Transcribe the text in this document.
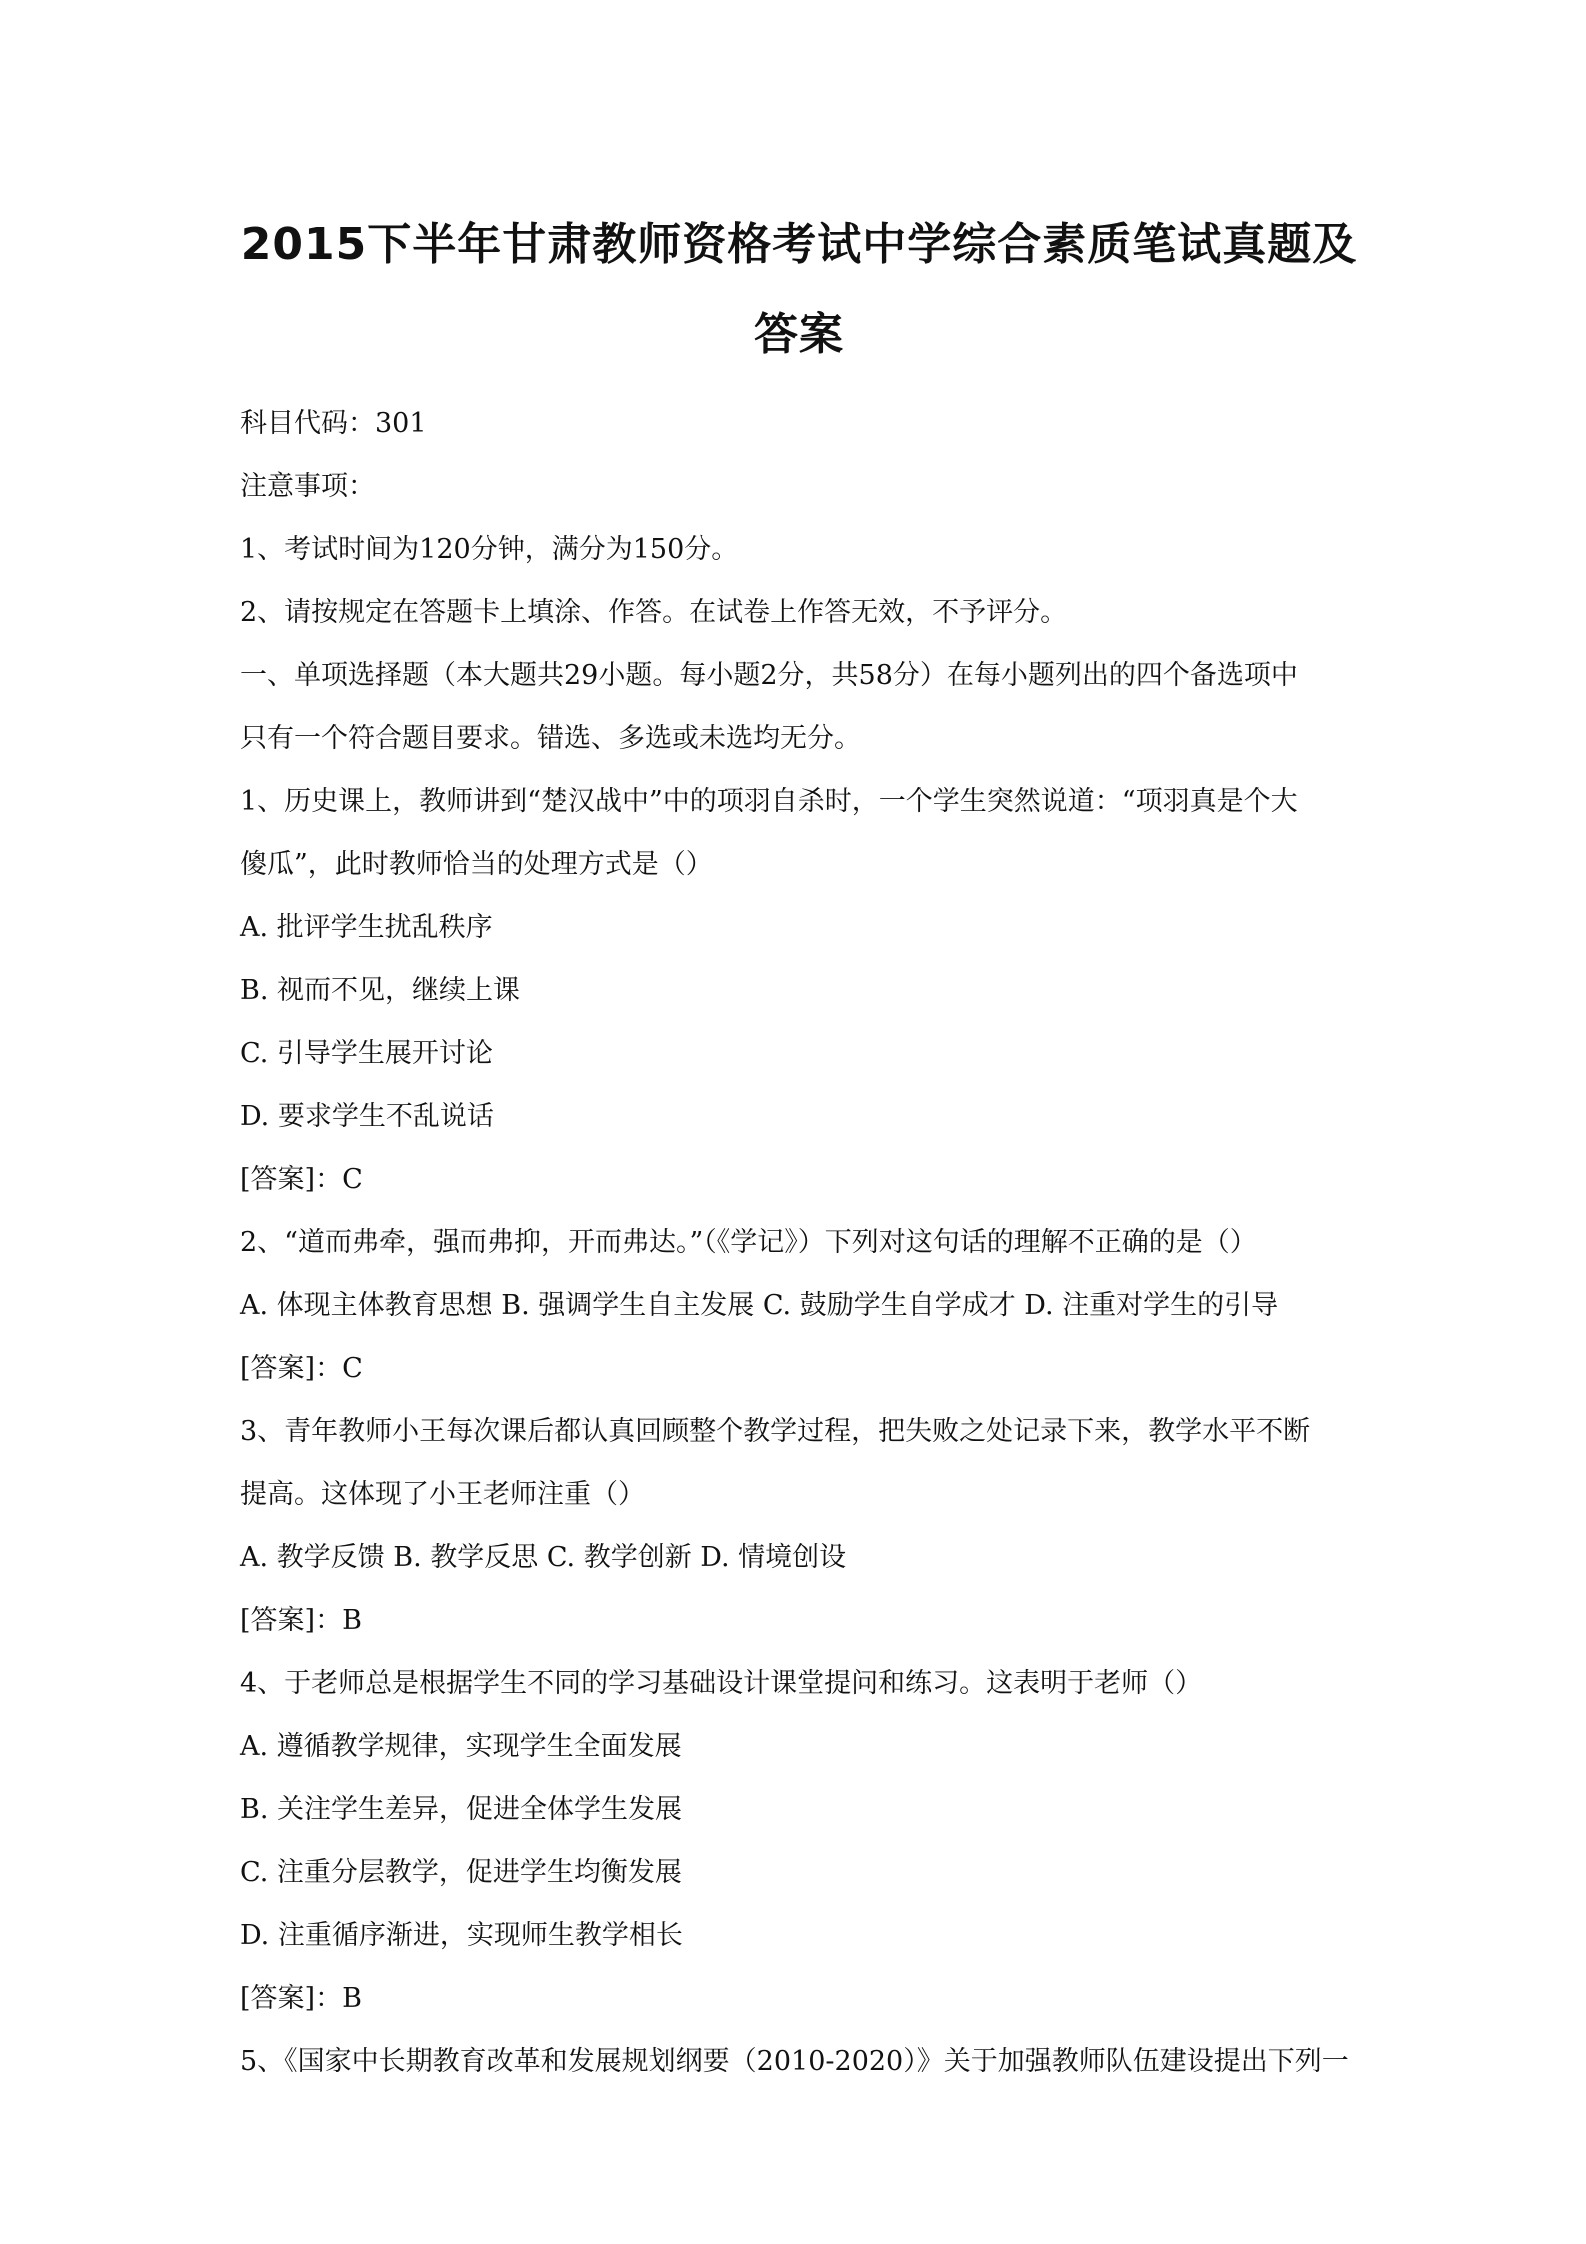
2015下半年甘肃教师资格考试中学综合素质笔试真题及答案

科目代码：301

注意事项：

1、考试时间为120分钟，满分为150分。

2、请按规定在答题卡上填涂、作答。在试卷上作答无效，不予评分。

一、单项选择题（本大题共29小题。每小题2分，共58分）在每小题列出的四个备选项中

只有一个符合题目要求。错选、多选或未选均无分。

1、历史课上，教师讲到“楚汉战中”中的项羽自杀时，一个学生突然说道：“项羽真是个大

傻瓜”，此时教师恰当的处理方式是（）

A. 批评学生扰乱秩序

B. 视而不见，继续上课

C. 引导学生展开讨论

D. 要求学生不乱说话

[答案]：C

2、“道而弗牵，强而弗抑，开而弗达。”（《学记》）下列对这句话的理解不正确的是（）

A. 体现主体教育思想 B. 强调学生自主发展 C. 鼓励学生自学成才 D. 注重对学生的引导

[答案]：C

3、青年教师小王每次课后都认真回顾整个教学过程，把失败之处记录下来，教学水平不断

提高。这体现了小王老师注重（）

A. 教学反馈 B. 教学反思 C. 教学创新 D. 情境创设

[答案]：B

4、于老师总是根据学生不同的学习基础设计课堂提问和练习。这表明于老师（）

A. 遵循教学规律，实现学生全面发展

B. 关注学生差异，促进全体学生发展

C. 注重分层教学，促进学生均衡发展

D. 注重循序渐进，实现师生教学相长

[答案]：B

5、《国家中长期教育改革和发展规划纲要（2010-2020）》关于加强教师队伍建设提出下列一
